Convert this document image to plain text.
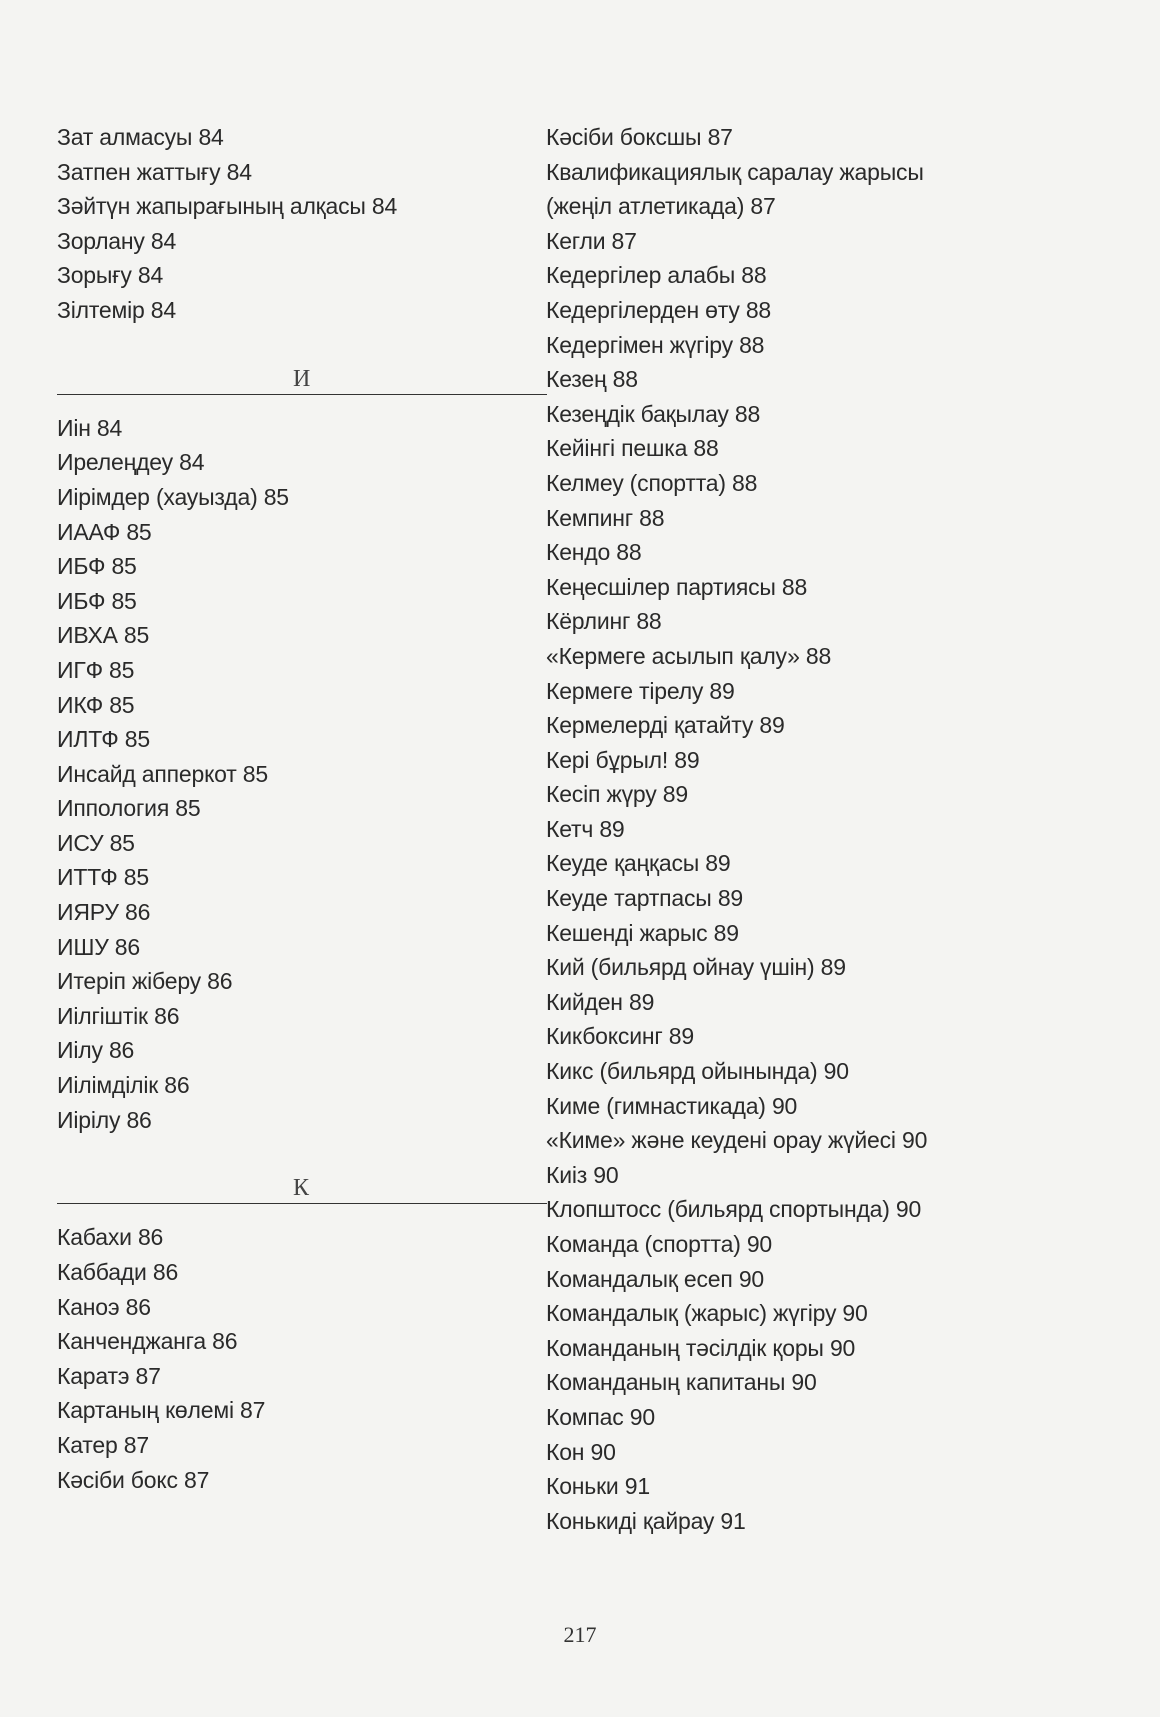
Зат алмасуы 84
Затпен жаттығу 84
Зәйтүн жапырағының алқасы 84
Зорлану 84
Зорығу 84
Зілтемір 84
И
Иін 84
Ирелеңдеу 84
Иірімдер (хауызда) 85
ИААФ 85
ИБФ 85
ИБФ 85
ИВХА 85
ИГФ 85
ИКФ 85
ИЛТФ 85
Инсайд апперкот 85
Иппология 85
ИСУ 85
ИТТФ 85
ИЯРУ 86
ИШУ 86
Итеріп жіберу 86
Иілгіштік 86
Иілу 86
Иілімділік 86
Иірілу 86
К
Кабахи 86
Каббади 86
Каноэ 86
Канченджанга 86
Каратэ 87
Картаның көлемі 87
Катер 87
Кәсіби бокс 87
Кәсіби боксшы 87
Квалификациялық саралау жарысы
(жеңіл атлетикада) 87
Кегли 87
Кедергілер алабы 88
Кедергілерден өту 88
Кедергімен жүгіру 88
Кезең 88
Кезеңдік бақылау 88
Кейінгі пешка 88
Келмеу (спортта) 88
Кемпинг 88
Кендо 88
Кеңесшілер партиясы 88
Кёрлинг 88
«Кермеге асылып қалу» 88
Кермеге тірелу 89
Кермелерді қатайту 89
Кері бұрыл! 89
Кесіп жүру 89
Кетч 89
Кеуде қаңқасы 89
Кеуде тартпасы 89
Кешенді жарыс 89
Кий (бильярд ойнау үшін) 89
Кийден 89
Кикбоксинг 89
Кикс (бильярд ойынында) 90
Киме (гимнастикада) 90
«Киме» және кеудені орау жүйесі 90
Киіз 90
Клопштосс (бильярд спортында) 90
Команда (спортта) 90
Командалық есеп 90
Командалық (жарыс) жүгіру 90
Команданың тәсілдік қоры 90
Команданың капитаны 90
Компас 90
Кон 90
Коньки 91
Конькиді қайрау 91
217
